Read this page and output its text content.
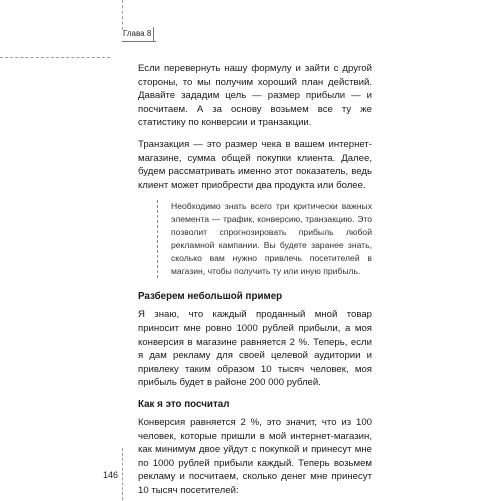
Глава 8

Если перевернуть нашу формулу и зайти с другой стороны, то мы получим хороший план действий. Давайте зададим цель — размер прибыли — и посчитаем. А за основу возьмем все ту же статистику по конверсии и транзакции.

Транзакция — это размер чека в вашем интернет-магазине, сумма общей покупки клиента. Далее, будем рассматривать именно этот показатель, ведь клиент может приобрести два продукта или более.

Необходимо знать всего три критически важных элемента — трафик, конверсию, транзакцию. Это позволит спрогнозировать прибыль любой рекламной кампании. Вы будете заранее знать, сколько вам нужно привлечь посетителей в магазин, чтобы получить ту или иную прибыль.
Разберем небольшой пример

Я знаю, что каждый проданный мной товар приносит мне ровно 1000 рублей прибыли, а моя конверсия в магазине равняется 2 %. Теперь, если я дам рекламу для своей целевой аудитории и привлеку таким образом 10 тысяч человек, моя прибыль будет в районе 200 000 рублей.

Как я это посчитал

Конверсия равняется 2 %, это значит, что из 100 человек, которые пришли в мой интернет-магазин, как минимум двое уйдут с покупкой и принесут мне по 1000 рублей прибыли каждый. Теперь возьмем рекламу и посчитаем, сколько денег мне принесут 10 тысяч посетителей:

146
